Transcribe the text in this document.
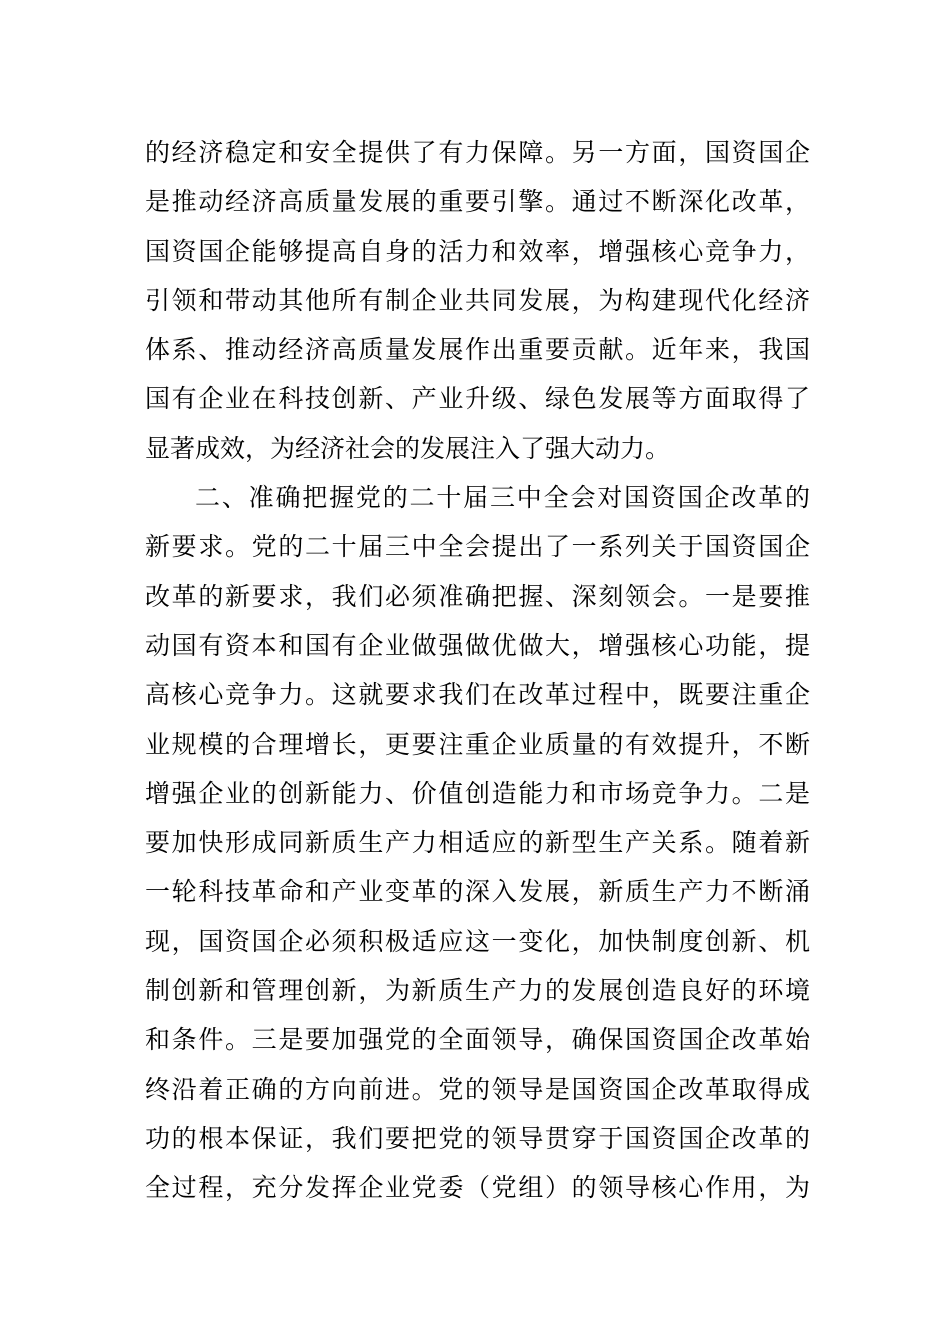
的经济稳定和安全提供了有力保障。另一方面，国资国企
是推动经济高质量发展的重要引擎。通过不断深化改革，
国资国企能够提高自身的活力和效率，增强核心竞争力，
引领和带动其他所有制企业共同发展，为构建现代化经济
体系、推动经济高质量发展作出重要贡献。近年来，我国
国有企业在科技创新、产业升级、绿色发展等方面取得了
显著成效，为经济社会的发展注入了强大动力。
二、准确把握党的二十届三中全会对国资国企改革的
新要求。党的二十届三中全会提出了一系列关于国资国企
改革的新要求，我们必须准确把握、深刻领会。一是要推
动国有资本和国有企业做强做优做大，增强核心功能，提
高核心竞争力。这就要求我们在改革过程中，既要注重企
业规模的合理增长，更要注重企业质量的有效提升，不断
增强企业的创新能力、价值创造能力和市场竞争力。二是
要加快形成同新质生产力相适应的新型生产关系。随着新
一轮科技革命和产业变革的深入发展，新质生产力不断涌
现，国资国企必须积极适应这一变化，加快制度创新、机
制创新和管理创新，为新质生产力的发展创造良好的环境
和条件。三是要加强党的全面领导，确保国资国企改革始
终沿着正确的方向前进。党的领导是国资国企改革取得成
功的根本保证，我们要把党的领导贯穿于国资国企改革的
全过程，充分发挥企业党委（党组）的领导核心作用，为
